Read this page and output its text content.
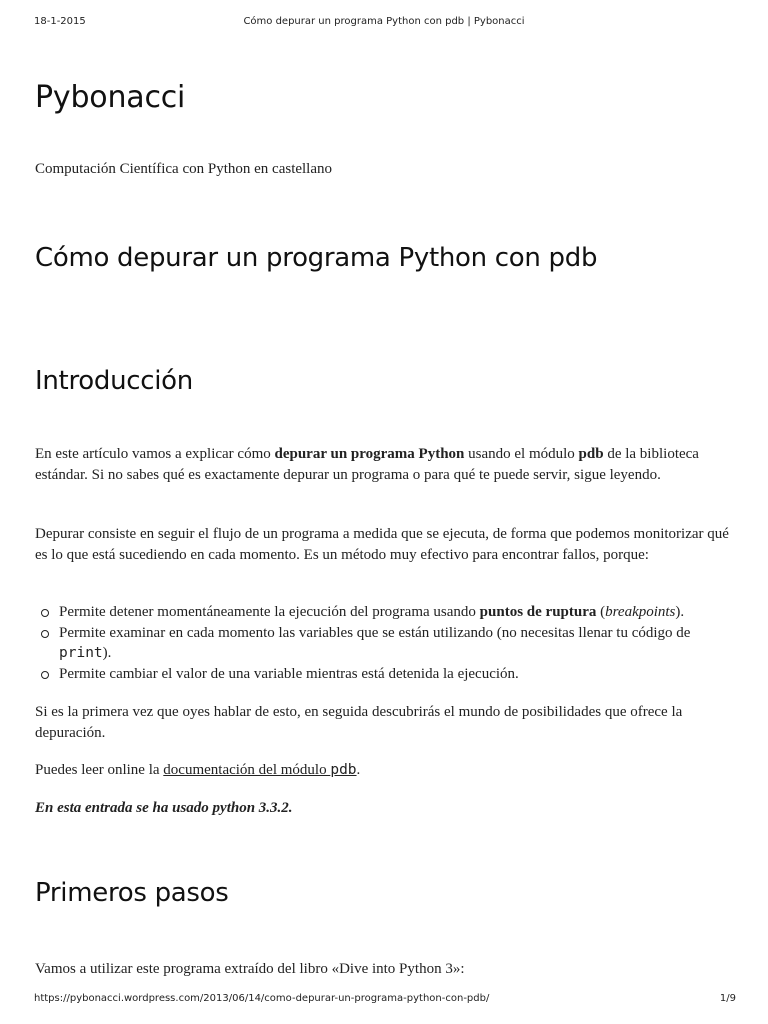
18-1-2015	Cómo depurar un programa Python con pdb | Pybonacci
Pybonacci

Computación Científica con Python en castellano

Cómo depurar un programa Python con pdb
Introducción

En este artículo vamos a explicar cómo depurar un programa Python usando el módulo pdb de la biblioteca estándar. Si no sabes qué es exactamente depurar un programa o para qué te puede servir, sigue leyendo.

Depurar consiste en seguir el flujo de un programa a medida que se ejecuta, de forma que podemos monitorizar qué es lo que está sucediendo en cada momento. Es un método muy efectivo para encontrar fallos, porque:

Permite detener momentáneamente la ejecución del programa usando puntos de ruptura (breakpoints).
Permite examinar en cada momento las variables que se están utilizando (no necesitas llenar tu código de print).
Permite cambiar el valor de una variable mientras está detenida la ejecución.

Si es la primera vez que oyes hablar de esto, en seguida descubrirás el mundo de posibilidades que ofrece la depuración.

Puedes leer online la documentación del módulo pdb.

En esta entrada se ha usado python 3.3.2.

Primeros pasos

Vamos a utilizar este programa extraído del libro «Dive into Python 3»:

https://pybonacci.wordpress.com/2013/06/14/como-depurar-un-programa-python-con-pdb/	1/9
